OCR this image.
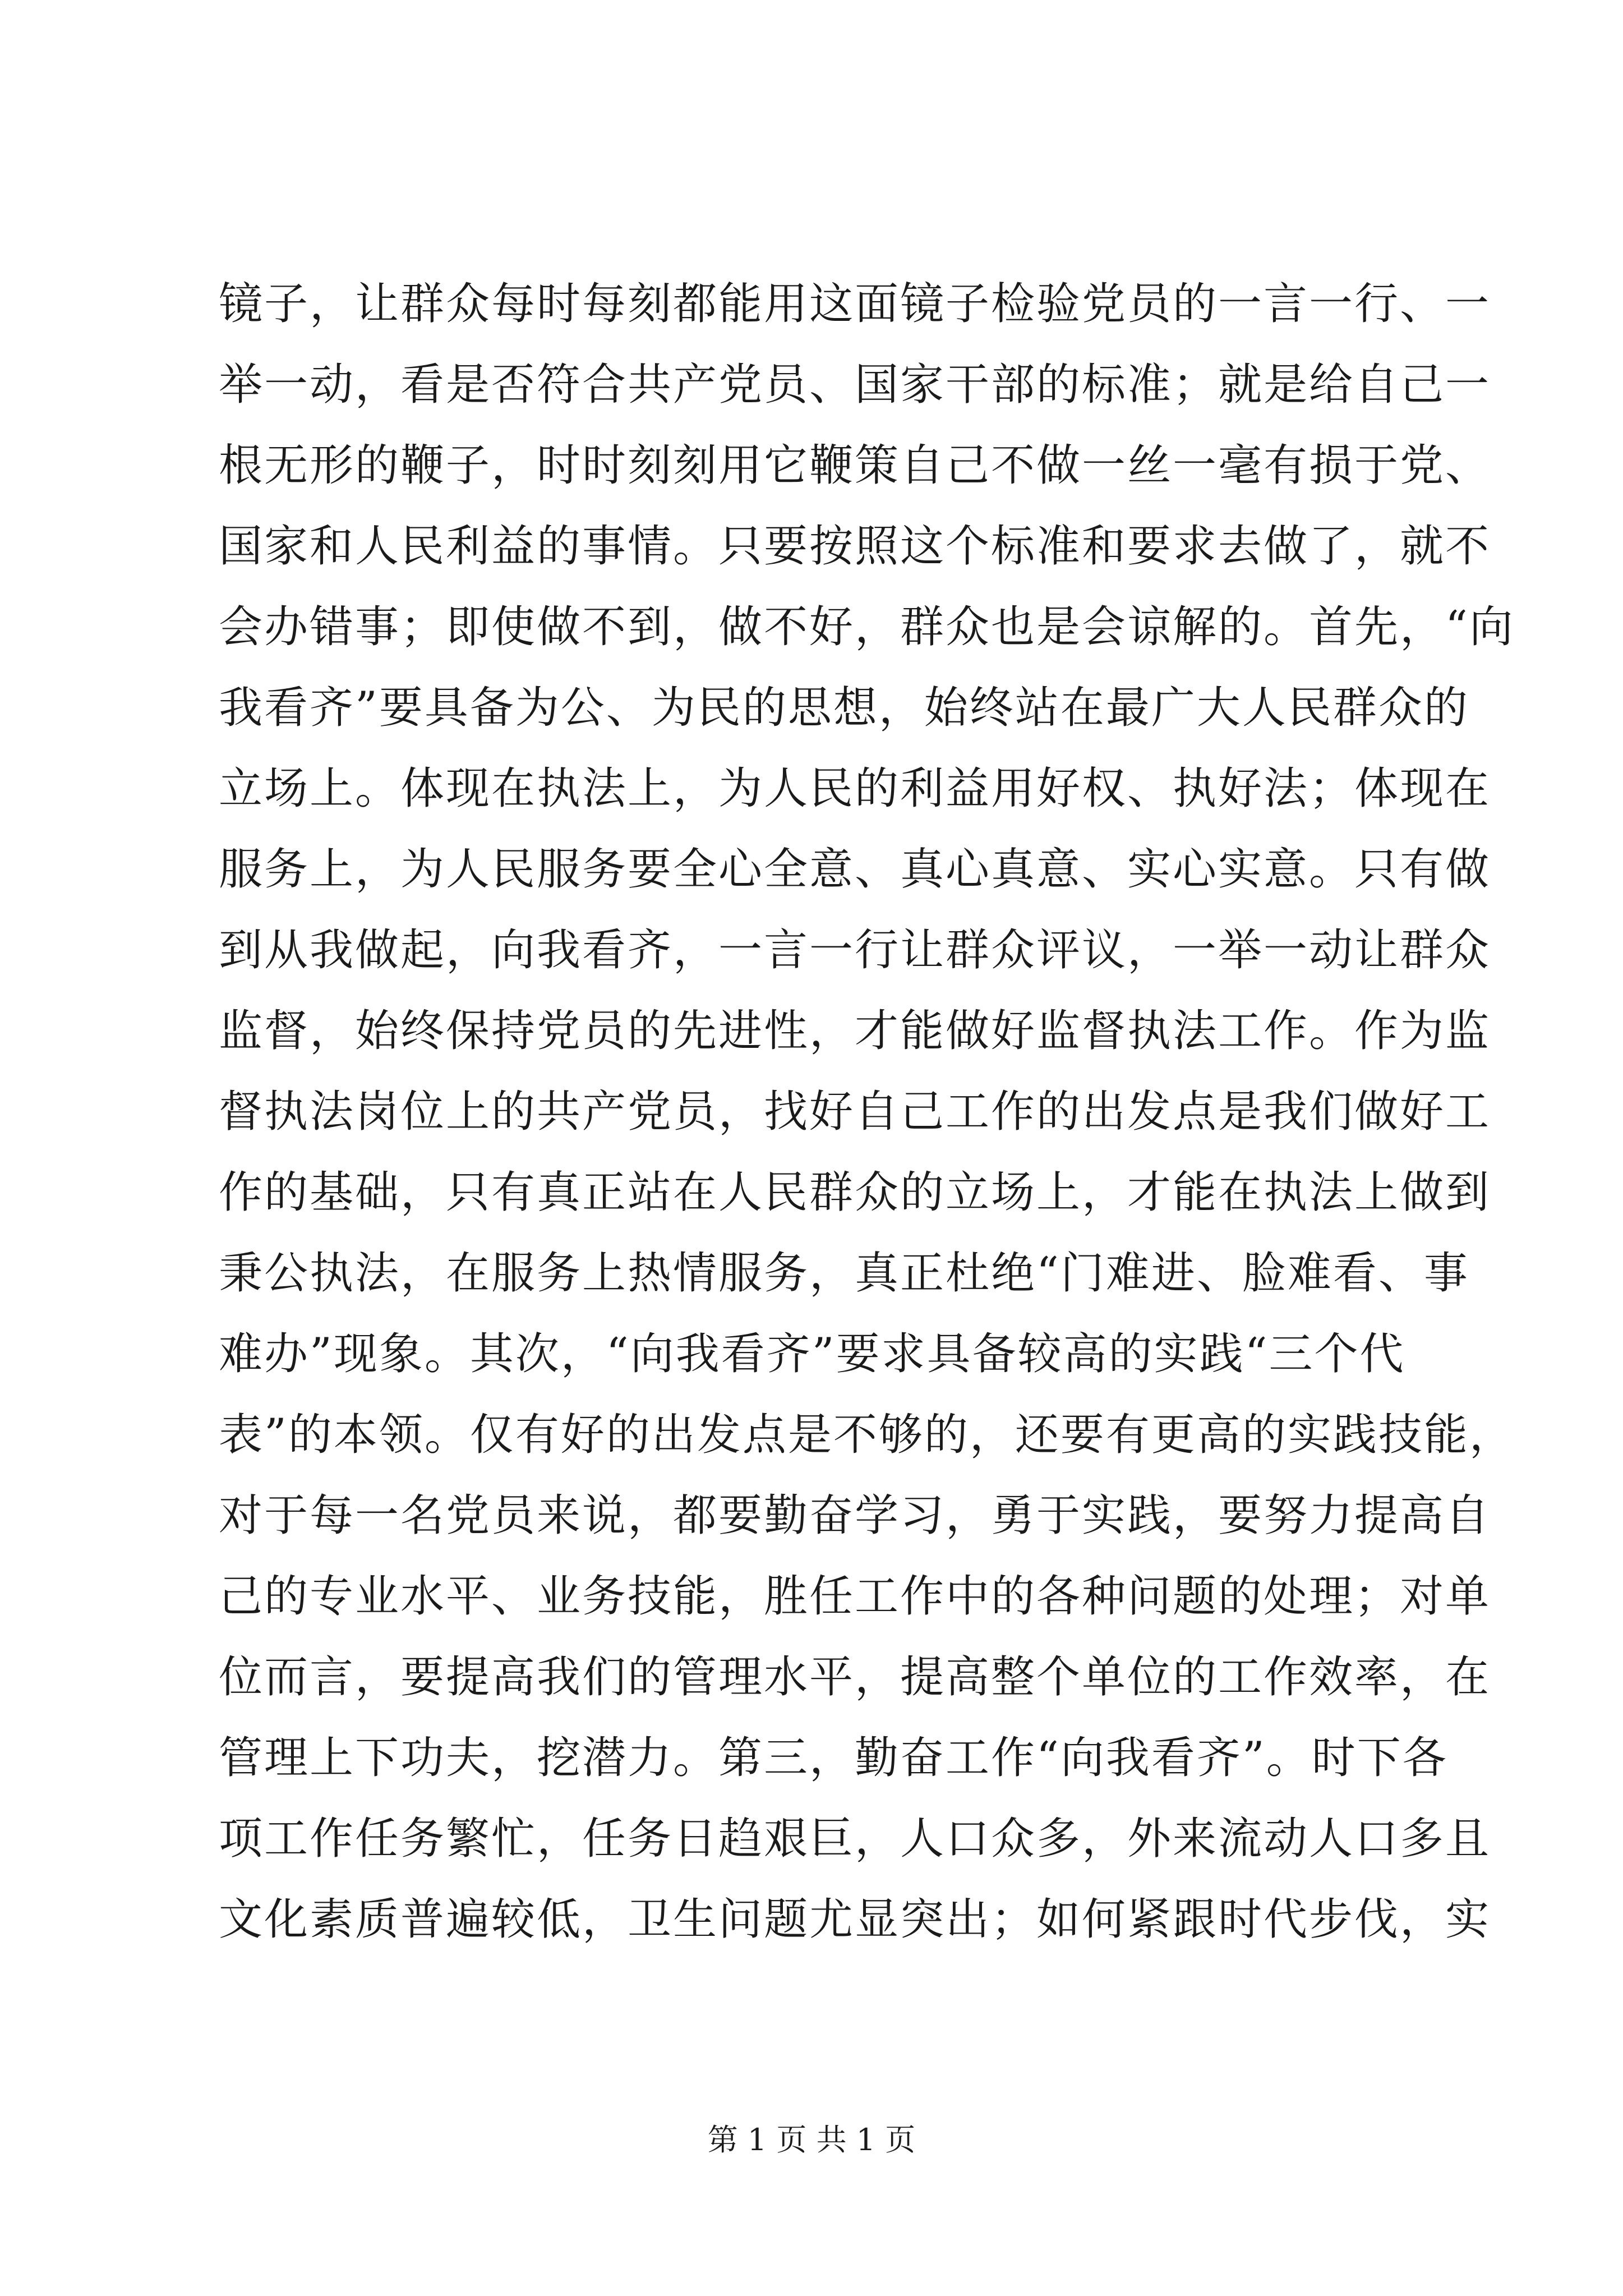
镜子，让群众每时每刻都能用这面镜子检验党员的一言一行、一
举一动，看是否符合共产党员、国家干部的标准；就是给自己一
根无形的鞭子，时时刻刻用它鞭策自己不做一丝一毫有损于党、
国家和人民利益的事情。只要按照这个标准和要求去做了，就不
会办错事；即使做不到，做不好，群众也是会谅解的。首先，“向
我看齐”要具备为公、为民的思想，始终站在最广大人民群众的
立场上。体现在执法上，为人民的利益用好权、执好法；体现在
服务上，为人民服务要全心全意、真心真意、实心实意。只有做
到从我做起，向我看齐，一言一行让群众评议，一举一动让群众
监督，始终保持党员的先进性，才能做好监督执法工作。作为监
督执法岗位上的共产党员，找好自己工作的出发点是我们做好工
作的基础，只有真正站在人民群众的立场上，才能在执法上做到
秉公执法，在服务上热情服务，真正杜绝“门难进、脸难看、事
难办”现象。其次，“向我看齐”要求具备较高的实践“三个代
表”的本领。仅有好的出发点是不够的，还要有更高的实践技能，
对于每一名党员来说，都要勤奋学习，勇于实践，要努力提高自
己的专业水平、业务技能，胜任工作中的各种问题的处理；对单
位而言，要提高我们的管理水平，提高整个单位的工作效率，在
管理上下功夫，挖潜力。第三，勤奋工作“向我看齐”。时下各
项工作任务繁忙，任务日趋艰巨，人口众多，外来流动人口多且
文化素质普遍较低，卫生问题尤显突出；如何紧跟时代步伐，实
第 1 页 共 1 页
